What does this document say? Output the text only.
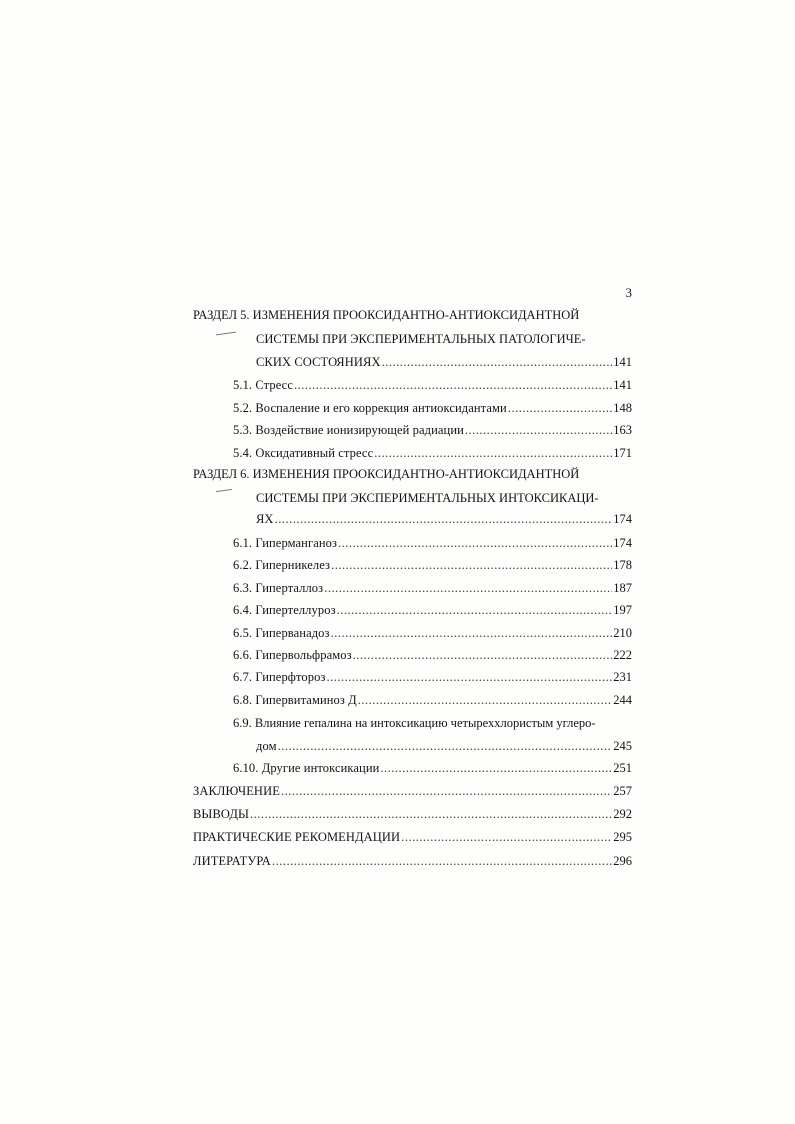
3
РАЗДЕЛ 5. ИЗМЕНЕНИЯ ПРООКСИДАНТНО-АНТИОКСИДАНТНОЙ
СИСТЕМЫ ПРИ ЭКСПЕРИМЕНТАЛЬНЫХ ПАТОЛОГИЧЕ-
СКИХ СОСТОЯНИЯХ .....	141
5.1. Стресс .....	141
5.2. Воспаление и его коррекция антиоксидантами .....	148
5.3. Воздействие ионизирующей радиации .....	163
5.4. Оксидативный стресс .....	171
РАЗДЕЛ 6. ИЗМЕНЕНИЯ ПРООКСИДАНТНО-АНТИОКСИДАНТНОЙ
СИСТЕМЫ ПРИ ЭКСПЕРИМЕНТАЛЬНЫХ ИНТОКСИКАЦИ-
ЯХ .....	174
6.1. Гиперманганоз .....	174
6.2. Гиперникелез .....	178
6.3. Гиперталлоз .....	187
6.4. Гипертеллуроз .....	197
6.5. Гиперванадоз .....	210
6.6. Гипервольфрамоз .....	222
6.7. Гиперфтороз .....	231
6.8. Гипервитаминоз Д .....	244
6.9. Влияние гепалина на интоксикацию четыреххлористым углеро-
дом .....	245
6.10. Другие интоксикации .....	251
ЗАКЛЮЧЕНИЕ .....	257
ВЫВОДЫ .....	292
ПРАКТИЧЕСКИЕ РЕКОМЕНДАЦИИ .....	295
ЛИТЕРАТУРА .....	296
